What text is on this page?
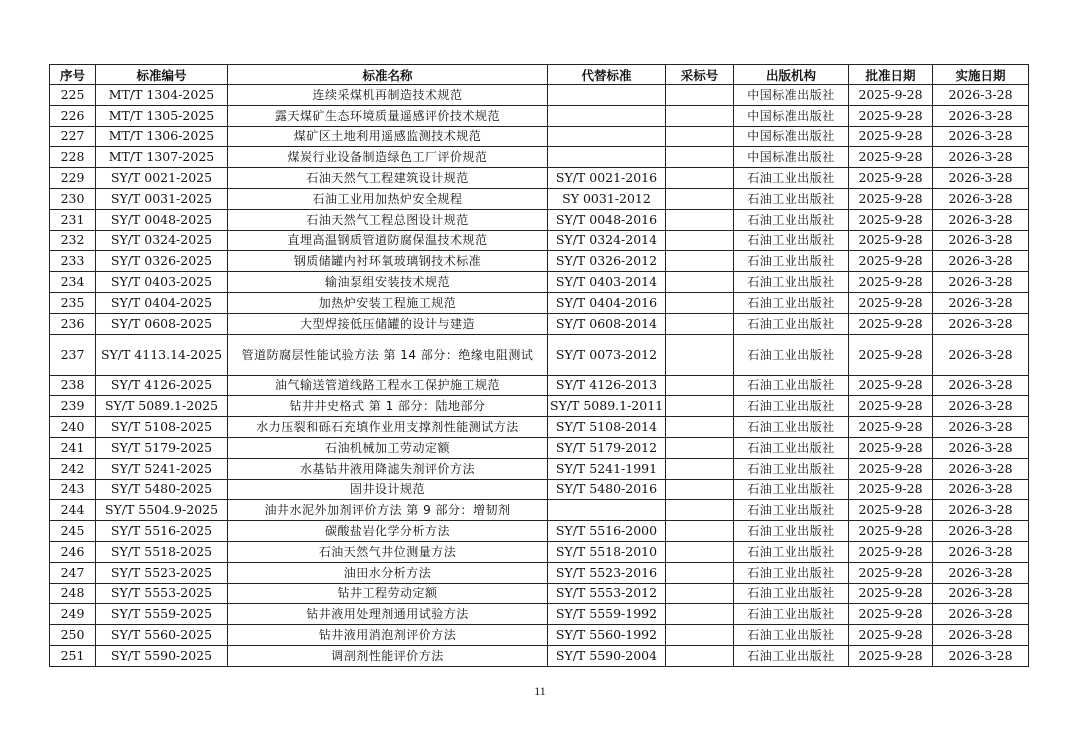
序号	标准编号	标准名称	代替标准	采标号	出版机构	批准日期	实施日期
225	MT/T 1304-2025	连续采煤机再制造技术规范			中国标准出版社	2025-9-28	2026-3-28
226	MT/T 1305-2025	露天煤矿生态环境质量遥感评价技术规范			中国标准出版社	2025-9-28	2026-3-28
227	MT/T 1306-2025	煤矿区土地利用遥感监测技术规范			中国标准出版社	2025-9-28	2026-3-28
228	MT/T 1307-2025	煤炭行业设备制造绿色工厂评价规范			中国标准出版社	2025-9-28	2026-3-28
229	SY/T 0021-2025	石油天然气工程建筑设计规范	SY/T 0021-2016		石油工业出版社	2025-9-28	2026-3-28
230	SY/T 0031-2025	石油工业用加热炉安全规程	SY 0031-2012		石油工业出版社	2025-9-28	2026-3-28
231	SY/T 0048-2025	石油天然气工程总图设计规范	SY/T 0048-2016		石油工业出版社	2025-9-28	2026-3-28
232	SY/T 0324-2025	直埋高温钢质管道防腐保温技术规范	SY/T 0324-2014		石油工业出版社	2025-9-28	2026-3-28
233	SY/T 0326-2025	钢质储罐内衬环氧玻璃钢技术标准	SY/T 0326-2012		石油工业出版社	2025-9-28	2026-3-28
234	SY/T 0403-2025	输油泵组安装技术规范	SY/T 0403-2014		石油工业出版社	2025-9-28	2026-3-28
235	SY/T 0404-2025	加热炉安装工程施工规范	SY/T 0404-2016		石油工业出版社	2025-9-28	2026-3-28
236	SY/T 0608-2025	大型焊接低压储罐的设计与建造	SY/T 0608-2014		石油工业出版社	2025-9-28	2026-3-28
237	SY/T 4113.14-2025	管道防腐层性能试验方法 第 14 部分：绝缘电阻测试	SY/T 0073-2012		石油工业出版社	2025-9-28	2026-3-28
238	SY/T 4126-2025	油气输送管道线路工程水工保护施工规范	SY/T 4126-2013		石油工业出版社	2025-9-28	2026-3-28
239	SY/T 5089.1-2025	钻井井史格式 第 1 部分：陆地部分	SY/T 5089.1-2011		石油工业出版社	2025-9-28	2026-3-28
240	SY/T 5108-2025	水力压裂和砾石充填作业用支撑剂性能测试方法	SY/T 5108-2014		石油工业出版社	2025-9-28	2026-3-28
241	SY/T 5179-2025	石油机械加工劳动定额	SY/T 5179-2012		石油工业出版社	2025-9-28	2026-3-28
242	SY/T 5241-2025	水基钻井液用降滤失剂评价方法	SY/T 5241-1991		石油工业出版社	2025-9-28	2026-3-28
243	SY/T 5480-2025	固井设计规范	SY/T 5480-2016		石油工业出版社	2025-9-28	2026-3-28
244	SY/T 5504.9-2025	油井水泥外加剂评价方法 第 9 部分：增韧剂			石油工业出版社	2025-9-28	2026-3-28
245	SY/T 5516-2025	碳酸盐岩化学分析方法	SY/T 5516-2000		石油工业出版社	2025-9-28	2026-3-28
246	SY/T 5518-2025	石油天然气井位测量方法	SY/T 5518-2010		石油工业出版社	2025-9-28	2026-3-28
247	SY/T 5523-2025	油田水分析方法	SY/T 5523-2016		石油工业出版社	2025-9-28	2026-3-28
248	SY/T 5553-2025	钻井工程劳动定额	SY/T 5553-2012		石油工业出版社	2025-9-28	2026-3-28
249	SY/T 5559-2025	钻井液用处理剂通用试验方法	SY/T 5559-1992		石油工业出版社	2025-9-28	2026-3-28
250	SY/T 5560-2025	钻井液用消泡剂评价方法	SY/T 5560-1992		石油工业出版社	2025-9-28	2026-3-28
251	SY/T 5590-2025	调剖剂性能评价方法	SY/T 5590-2004		石油工业出版社	2025-9-28	2026-3-28
11
